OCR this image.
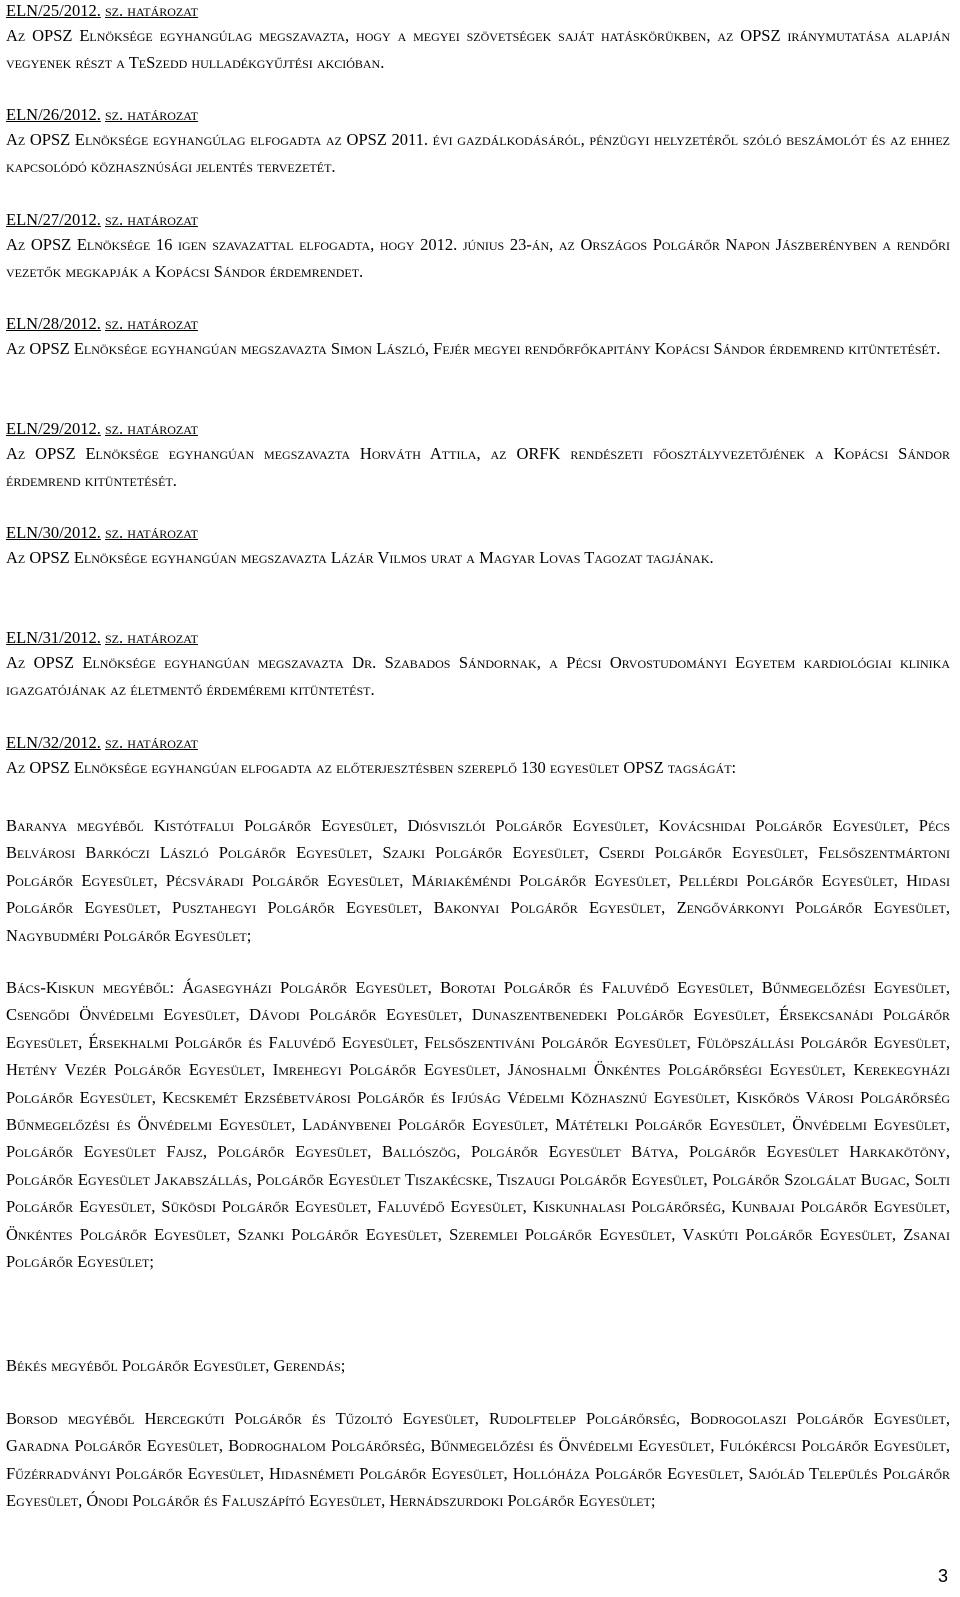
ELN/25/2012. sz. határozat
Az OPSZ Elnöksége egyhangúlag megszavazta, hogy a megyei szövetségek saját hatáskörükben, az OPSZ iránymutatása alapján vegyenek részt a TeSzedd hulladékgyűjtési akcióban.
ELN/26/2012. sz. határozat
Az OPSZ Elnöksége egyhangúlag elfogadta az OPSZ 2011. évi gazdálkodásáról, pénzügyi helyzetéről szóló beszámolót és az ehhez kapcsolódó közhasznúsági jelentés tervezetét.
ELN/27/2012. sz. határozat
Az OPSZ Elnöksége 16 igen szavazattal elfogadta, hogy 2012. június 23-án, az Országos Polgárőr Napon Jászberényben a rendőri vezetők megkapják a Kopácsi Sándor érdemrendet.
ELN/28/2012. sz. határozat
Az OPSZ Elnöksége egyhangúan megszavazta Simon László, Fejér megyei rendőrfőkapitány Kopácsi Sándor érdemrend kitüntetését.
ELN/29/2012. sz. határozat
Az OPSZ Elnöksége egyhangúan megszavazta Horváth Attila, az ORFK rendészeti főosztályvezetőjének a Kopácsi Sándor érdemrend kitüntetését.
ELN/30/2012. sz. határozat
Az OPSZ Elnöksége egyhangúan megszavazta Lázár Vilmos urat a Magyar Lovas Tagozat tagjának.
ELN/31/2012. sz. határozat
Az OPSZ Elnöksége egyhangúan megszavazta Dr. Szabados Sándornak, a Pécsi Orvostudományi Egyetem kardiológiai klinika igazgatójának az életmentő érdeméremi kitüntetést.
ELN/32/2012. sz. határozat
Az OPSZ Elnöksége egyhangúan elfogadta az előterjesztésben szereplő 130 egyesület OPSZ tagságát:
Baranya megyéből Kistótfalui Polgárőr Egyesület, Diósviszlói Polgárőr Egyesület, Kovácshidai Polgárőr Egyesület, Pécs Belvárosi Barkóczi László Polgárőr Egyesület, Szajki Polgárőr Egyesület, Cserdi Polgárőr Egyesület, Felsőszentmártoni Polgárőr Egyesület, Pécsváradi Polgárőr Egyesület, Máriakéméndi Polgárőr Egyesület, Pellérdi Polgárőr Egyesület, Hidasi Polgárőr Egyesület, Pusztahegyi Polgárőr Egyesület, Bakonyai Polgárőr Egyesület, Zengővárkonyi Polgárőr Egyesület, Nagybudméri Polgárőr Egyesület;
Bács-Kiskun megyéből: Ágasegyházi Polgárőr Egyesület, Borotai Polgárőr és Faluvédő Egyesület, Bűnmegelőzési Egyesület, Csengődi Önvédelmi Egyesület, Dávodi Polgárőr Egyesület, Dunaszentbenedeki Polgárőr Egyesület, Érsekcsanádi Polgárőr Egyesület, Érsekhalmi Polgárőr és Faluvédő Egyesület, Felsőszentiváni Polgárőr Egyesület, Fülöpszállási Polgárőr Egyesület, Hetény Vezér Polgárőr Egyesület, Imrehegyi Polgárőr Egyesület, Jánoshalmi Önkéntes Polgárőrségi Egyesület, Kerekegyházi Polgárőr Egyesület, Kecskemét Erzsébetvárosi Polgárőr és Ifjúság Védelmi Közhasznú Egyesület, Kiskőrös Városi Polgárőrség Bűnmegelőzési és Önvédelmi Egyesület, Ladánybenei Polgárőr Egyesület, Mátételki Polgárőr Egyesület, Önvédelmi Egyesület, Polgárőr Egyesület Fajsz, Polgárőr Egyesület, Ballószög, Polgárőr Egyesület Bátya, Polgárőr Egyesület Harkakötöny, Polgárőr Egyesület Jakabszállás, Polgárőr Egyesület Tiszakécske, Tiszaugi Polgárőr Egyesület, Polgárőr Szolgálat Bugac, Solti Polgárőr Egyesület, Sükösdi Polgárőr Egyesület, Faluvédő Egyesület, Kiskunhalasi Polgárőrség, Kunbajai Polgárőr Egyesület, Önkéntes Polgárőr Egyesület, Szanki Polgárőr Egyesület, Szeremlei Polgárőr Egyesület, Vaskúti Polgárőr Egyesület, Zsanai Polgárőr Egyesület;
Békés megyéből Polgárőr Egyesület, Gerendás;
Borsod megyéből Hercegkúti Polgárőr és Tűzoltó Egyesület, Rudolftelep Polgárőrség, Bodrogolaszi Polgárőr Egyesület, Garadna Polgárőr Egyesület, Bodroghalom Polgárőrség, Bűnmegelőzési és Önvédelmi Egyesület, Fulókércsi Polgárőr Egyesület, Fűzérradványi Polgárőr Egyesület, Hidasnémeti Polgárőr Egyesület, Hollóháza Polgárőr Egyesület, Sajólád Település Polgárőr Egyesület, Ónodi Polgárőr és Faluszápító Egyesület, Hernádszurdoki Polgárőr Egyesület;
3
